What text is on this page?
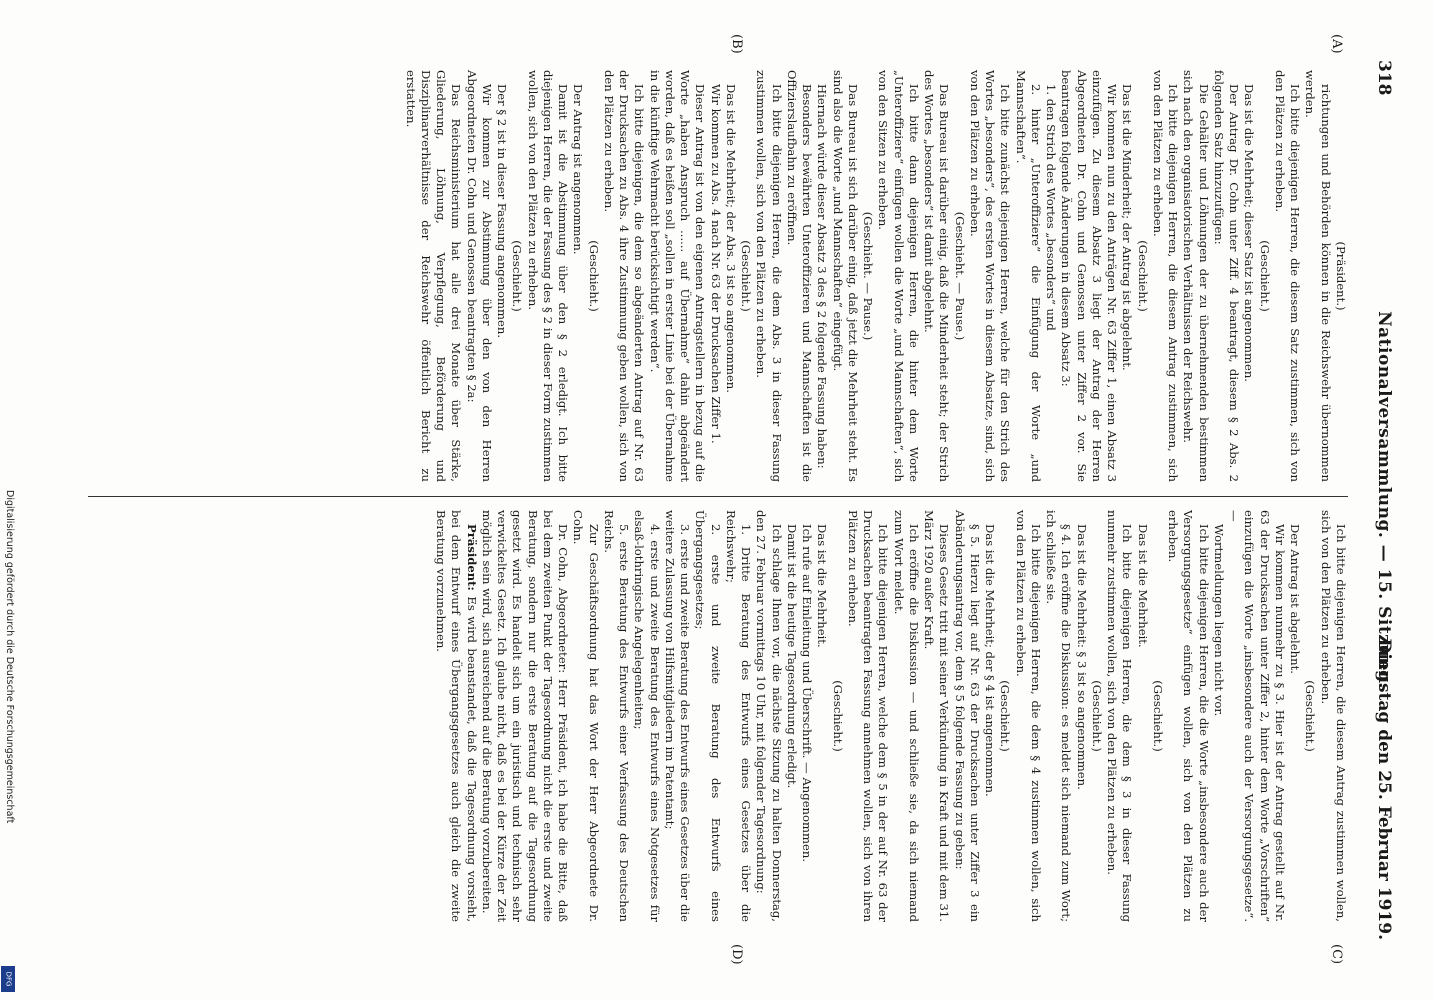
318
Nationalversammlung. — 15. Sitzung.
Dienstag den 25. Februar 1919.
(A)
(B)
(C)
(D)

(Präsident.)

richtungen und Behörden können in die Reichswehr übernommen werden.

Ich bitte diejenigen Herren, die diesem Satz zustimmen, sich von den Plätzen zu erheben.

(Geschieht.)

Das ist die Mehrheit; dieser Satz ist angenommen.

Der Antrag Dr. Cohn unter Ziff. 4 beantragt, diesem § 2 Abs. 2 folgenden Satz hinzuzufügen:

Die Gehälter und Löhnungen der zu übernehmenden bestimmen sich nach den organisatorischen Verhältnissen der Reichswehr.

Ich bitte diejenigen Herren, die diesem Antrag zustimmen, sich von den Plätzen zu erheben.

(Geschieht.)

Das ist die Minderheit; der Antrag ist abgelehnt.

Wir kommen nun zu den Anträgen Nr. 63 Ziffer 1, einen Absatz 3 einzufügen. Zu diesem Absatz 3 liegt der Antrag der Herren Abgeordneten Dr. Cohn und Genossen unter Ziffer 2 vor. Sie beantragen folgende Änderungen in diesem Absatz 3:

1. den Strich des Wortes „besonders“ und

2. hinter „Unteroffiziere“ die Einfügung der Worte „und Mannschaften“.

Ich bitte zunächst diejenigen Herren, welche für den Strich des Wortes „besonders“, des ersten Wortes in diesem Absatze, sind, sich von den Plätzen zu erheben.

(Geschieht. — Pause.)

Das Bureau ist darüber einig, daß die Minderheit steht; der Strich des Wortes „besonders“ ist damit abgelehnt.

Ich bitte dann diejenigen Herren, die hinter dem Worte „Unteroffiziere“ einfügen wollen die Worte „und Mannschaften“, sich von den Sitzen zu erheben.

(Geschieht. — Pause.)

Das Bureau ist sich darüber einig, daß jetzt die Mehrheit steht. Es sind also die Worte „und Mannschaften“ eingefügt.

Hiernach würde dieser Absatz 3 des § 2 folgende Fassung haben:

Besonders bewährten Unteroffizieren und Mannschaften ist die Offizierslaufbahn zu eröffnen.

Ich bitte diejenigen Herren, die dem Abs. 3 in dieser Fassung zustimmen wollen, sich von den Plätzen zu erheben.

(Geschieht.)

Das ist die Mehrheit; der Abs. 3 ist so angenommen.

Wir kommen zu Abs. 4 nach Nr. 63 der Drucksachen Ziffer 1.

Dieser Antrag ist von den eigenen Antragstellern in bezug auf die Worte „haben Anspruch ...... auf Übernahme“ dahin abgeändert worden, daß es heißen soll „sollen in erster Linie bei der Übernahme in die künftige Wehrmacht berücksichtigt werden“.

Ich bitte diejenigen, die dem so abgeänderten Antrag auf Nr. 63 der Drucksachen zu Abs. 4 ihre Zustimmung geben wollen, sich von den Plätzen zu erheben.

(Geschieht.)

Der Antrag ist angenommen.

Damit ist die Abstimmung über den § 2 erledigt. Ich bitte diejenigen Herren, die der Fassung des § 2 in dieser Form zustimmen wollen, sich von den Plätzen zu erheben.

(Geschieht.)

Der § 2 ist in dieser Fassung angenommen.

Wir kommen zur Abstimmung über den von den Herren Abgeordneten Dr. Cohn und Genossen beantragten § 2a:

Das Reichsministerium hat alle drei Monate über Stärke, Gliederung, Löhnung, Verpflegung, Beförderung und Disziplinarverhältnisse der Reichswehr öffentlich Bericht zu erstatten.

Ich bitte diejenigen Herren, die diesem Antrag zustimmen wollen, sich von den Plätzen zu erheben.

(Geschieht.)

Der Antrag ist abgelehnt.

Wir kommen nunmehr zu § 3. Hier ist der Antrag gestellt auf Nr. 63 der Drucksachen unter Ziffer 2, hinter dem Worte „Vorschriften“ einzufügen die Worte „insbesondere auch der Versorgungsgesetze“. —

Wortmeldungen liegen nicht vor.

Ich bitte diejenigen Herren, die die Worte „insbesondere auch der Versorgungsgesetze“ einfügen wollen, sich von den Plätzen zu erheben.

(Geschieht.)

Das ist die Mehrheit.

Ich bitte diejenigen Herren, die dem § 3 in dieser Fassung nunmehr zustimmen wollen, sich von den Plätzen zu erheben.

(Geschieht.)

Das ist die Mehrheit: § 3 ist so angenommen.

§ 4. Ich eröffne die Diskussion: es meldet sich niemand zum Wort; ich schließe sie.

Ich bitte diejenigen Herren, die dem § 4 zustimmen wollen, sich von den Plätzen zu erheben.

(Geschieht.)

Das ist die Mehrheit; der § 4 ist angenommen.

§ 5. Hierzu liegt auf Nr. 63 der Drucksachen unter Ziffer 3 ein Abänderungsantrag vor, dem § 5 folgende Fassung zu geben:

Dieses Gesetz tritt mit seiner Verkündung in Kraft und mit dem 31. März 1920 außer Kraft.

Ich eröffne die Diskussion — und schließe sie, da sich niemand zum Wort meldet.

Ich bitte diejenigen Herren, welche dem § 5 in der auf Nr. 63 der Drucksachen beantragten Fassung annehmen wollen, sich von ihren Plätzen zu erheben.

(Geschieht.)

Das ist die Mehrheit.

Ich rufe auf Einleitung und Überschrift. — Angenommen.

Damit ist die heutige Tagesordnung erledigt.

Ich schlage Ihnen vor, die nächste Sitzung zu halten Donnerstag, den 27. Februar vormittags 10 Uhr, mit folgender Tagesordnung:

1. Dritte Beratung des Entwurfs eines Gesetzes über die Reichswehr;

2. erste und zweite Beratung des Entwurfs eines Übergangsgesetzes;

3. erste und zweite Beratung des Entwurfs eines Gesetzes über die weitere Zulassung von Hilfsmitgliedern im Patentamt;

4. erste und zweite Beratung des Entwurfs eines Notgesetzes für elsaß-lothringische Angelegenheiten;

5. erste Beratung des Entwurfs einer Verfassung des Deutschen Reichs.

Zur Geschäftsordnung hat das Wort der Herr Abgeordnete Dr. Cohn.

Dr. Cohn, Abgeordneter: Herr Präsident, ich habe die Bitte, daß bei dem zweiten Punkt der Tagesordnung nicht die erste und zweite Beratung, sondern nur die erste Beratung auf die Tagesordnung gesetzt wird. Es handelt sich um ein juristisch und technisch sehr verwickeltes Gesetz. Ich glaube nicht, daß es bei der Kürze der Zeit möglich sein wird, sich ausreichend auf die Beratung vorzubereiten.

Präsident: Es wird beanstandet, daß die Tagesordnung vorsieht, bei dem Entwurf eines Übergangsgesetzes auch gleich die zweite Beratung vorzunehmen.

Digitalisierung gefördert durch die Deutsche Forschungsgemeinschaft
DFG
